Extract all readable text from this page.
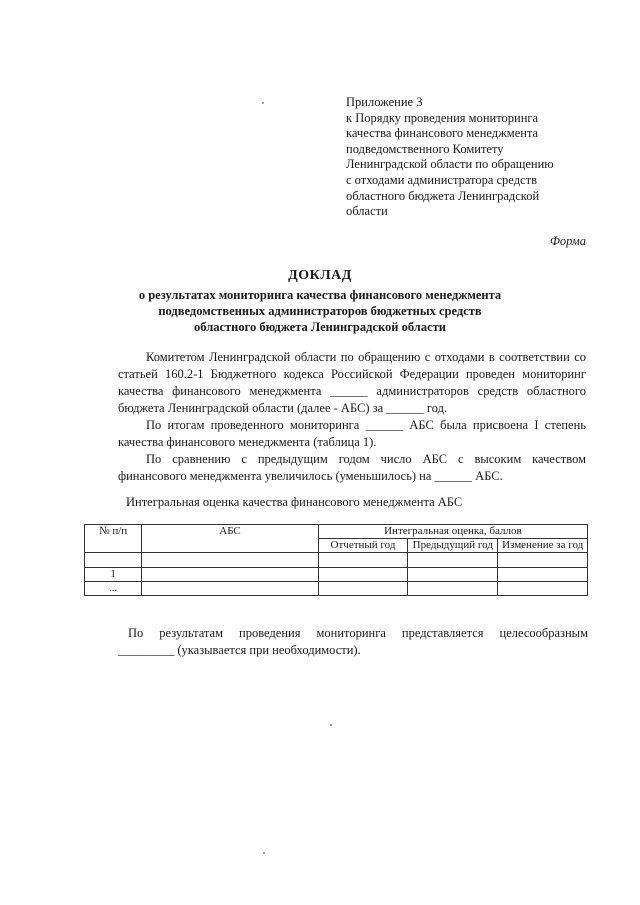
Приложение 3
к Порядку проведения мониторинга
качества финансового менеджмента
подведомственного Комитету
Ленинградской области по обращению
с отходами администратора средств
областного бюджета Ленинградской
области
Форма
ДОКЛАД
о результатах мониторинга качества финансового менеджмента
подведомственных администраторов бюджетных средств
областного бюджета Ленинградской области

Комитетом Ленинградской области по обращению с отходами в соответствии со статьей 160.2-1 Бюджетного кодекса Российской Федерации проведен мониторинг качества финансового менеджмента ______ администраторов средств областного бюджета Ленинградской области (далее - АБС) за ______ год.

По итогам проведенного мониторинга ______ АБС была присвоена I степень качества финансового менеджмента (таблица 1).

По сравнению с предыдущим годом число АБС с высоким качеством финансового менеджмента увеличилось (уменьшилось) на ______ АБС.

Интегральная оценка качества финансового менеджмента АБС
№ п/п	АБС	Интегральная оценка, баллов		
		Отчетный год	Предыдущий год	Изменение за год

1				
...				

По результатам проведения мониторинга представляется целесообразным

_________ (указывается при необходимости).
